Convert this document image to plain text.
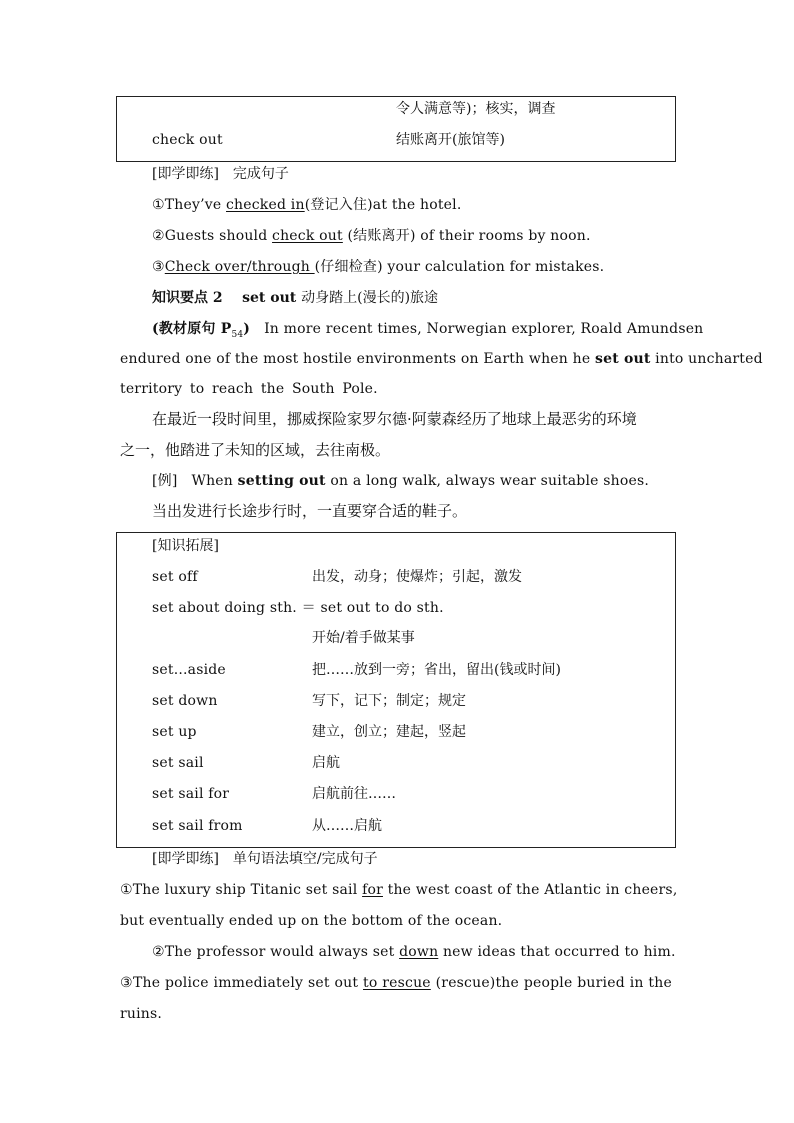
令人满意等)；核实，调查
check out	结账离开(旅馆等)
[即学即练]　完成句子
①They’ve checked in(登记入住)at the hotel.
②Guests should check out (结账离开) of their rooms by noon.
③Check over/through (仔细检查) your calculation for mistakes.
知识要点 2 set out 动身踏上(漫长的)旅途
(教材原句 $P_{54}$) In more recent times, Norwegian explorer, Roald Amundsen
endured one of the most hostile environments on Earth when he set out into uncharted
territory to reach the South Pole.
在最近一段时间里，挪威探险家罗尔德·阿蒙森经历了地球上最恶劣的环境
之一，他踏进了未知的区域，去往南极。
[例] When setting out on a long walk, always wear suitable shoes.
当出发进行长途步行时，一直要穿合适的鞋子。
[知识拓展]
set off	出发，动身；使爆炸；引起，激发
set about doing sth. ＝ set out to do sth.
开始/着手做某事
set...aside	把……放到一旁；省出，留出(钱或时间)
set down	写下，记下；制定；规定
set up	建立，创立；建起，竖起
set sail	启航
set sail for	启航前往……
set sail from	从……启航
[即学即练]　单句语法填空/完成句子
①The luxury ship Titanic set sail for the west coast of the Atlantic in cheers,
but eventually ended up on the bottom of the ocean.
②The professor would always set down new ideas that occurred to him.
③The police immediately set out to rescue (rescue)the people buried in the
ruins.
